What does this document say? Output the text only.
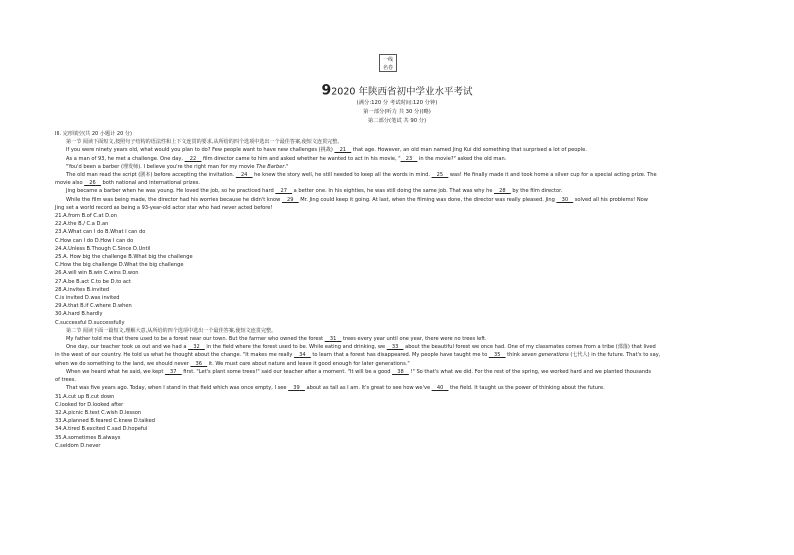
一线
名卷
92020 年陕西省初中学业水平考试
(满分:120 分 考试时间:120 分钟)
第一部分(听力 共 30 分)(略)
第二部分(笔试 共 90 分)

III. 完形填空(共 20 小题计 20 分)

第一节 阅读下面短文,按照句子结构的语法性和上下文连贯的要求,从所给的四个选项中选出一个最佳答案,使短文连贯完整。

If you were ninety years old, what would you plan to do? Few people want to have new challenges (挑战) __21__ that age. However, an old man named Jing Kui did something that surprised a lot of people.

As a man of 93, he met a challenge. One day, __22__ film director came to him and asked whether he wanted to act in his movie, "__23__ in the movie?" asked the old man.

"You'd been a barber (理发师). I believe you're the right man for my movie The Barber."

The old man read the script (剧本) before accepting the invitation. __24__ he knew the story well, he still needed to keep all the words in mind. __25__ was! He finally made it and took home a silver cup for a special acting prize. The

movie also __26__ both national and international prizes.

Jing became a barber when he was young. He loved the job, so he practiced hard __27__ a better one. In his eighties, he was still doing the same job. That was why he __28__ by the film director.

While the film was being made, the director had his worries because he didn't know __29__ Mr. Jing could keep it going. At last, when the filming was done, the director was really pleased. Jing __30__ solved all his problems! Now

Jing set a world record as being a 93-year-old actor star who had never acted before!

21.A.from B.of C.at D.on

22.A.the B./ C.a D.an

23.A.What can I do B.What I can do

C.How can I do D.How I can do

24.A.Unless B.Though C.Since D.Until

25.A. How big the challenge B.What big the challenge

C.How the big challenge D.What the big challenge

26.A.will win B.win C.wins D.won

27.A.be B.act C.to be D.to act

28.A.invites B.invited

C.is invited D.was invited

29.A.that B.if C.where D.when

30.A.hard B.hardly

C.successful D.successfully

第二节 阅读下面一篇短文,理解大意,从所给的四个选项中选出一个最佳答案,使短文连贯完整。

My father told me that there used to be a forest near our town. But the farmer who owned the forest __31__ trees every year until one year, there were no trees left.

One day, our teacher took us out and we had a __32__ in the field where the forest used to be. While eating and drinking, we __33__ about the beautiful forest we once had. One of my classmates comes from a tribe (部落) that lived

in the west of our country. He told us what he thought about the change. "It makes me really __34__ to learn that a forest has disappeared. My people have taught me to __35__ think seven generations (七代人) in the future. That's to say,

when we do something to the land, we should never __36__ it. We must care about nature and leave it good enough for later generations."

When we heard what he said, we kept __37__ first. "Let's plant some trees!" said our teacher after a moment. "It will be a good __38__ !" So that's what we did. For the rest of the spring, we worked hard and we planted thousands

of trees.

That was five years ago. Today, when I stand in that field which was once empty, I see __39__ about as tall as I am. It's great to see how we've __40__ the field. It taught us the power of thinking about the future.

31.A.cut up B.cut down

C.looked for D.looked after

32.A.picnic B.test C.wish D.lesson

33.A.planned B.feared C.knew D.talked

34.A.tired B.excited C.sad D.hopeful

35.A.sometimes B.always

C.seldom D.never
